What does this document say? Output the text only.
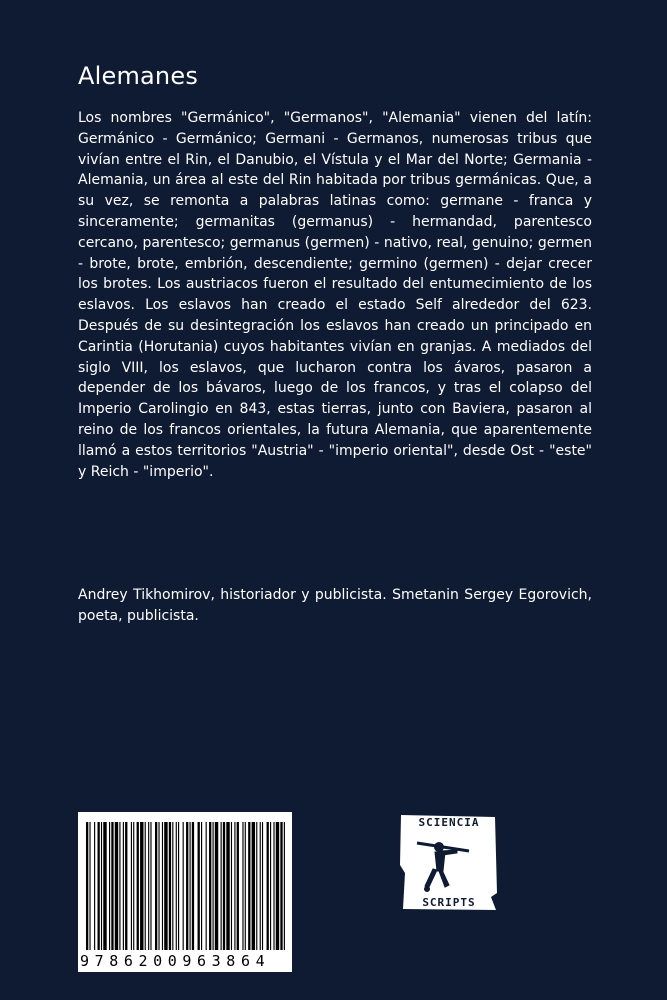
Alemanes

Los nombres "Germánico", "Germanos", "Alemania" vienen del latín: Germánico - Germánico; Germani - Germanos, numerosas tribus que vivían entre el Rin, el Danubio, el Vístula y el Mar del Norte; Germania - Alemania, un área al este del Rin habitada por tribus germánicas. Que, a su vez, se remonta a palabras latinas como: germane - franca y sinceramente; germanitas (germanus) - hermandad, parentesco cercano, parentesco; germanus (germen) - nativo, real, genuino; germen - brote, brote, embrión, descendiente; germino (germen) - dejar crecer los brotes. Los austriacos fueron el resultado del entumecimiento de los eslavos. Los eslavos han creado el estado Self alrededor del 623. Después de su desintegración los eslavos han creado un principado en Carintia (Horutania) cuyos habitantes vivían en granjas. A mediados del siglo VIII, los eslavos, que lucharon contra los ávaros, pasaron a depender de los bávaros, luego de los francos, y tras el colapso del Imperio Carolingio en 843, estas tierras, junto con Baviera, pasaron al reino de los francos orientales, la futura Alemania, que aparentemente llamó a estos territorios "Austria" - "imperio oriental", desde Ost - "este" y Reich - "imperio".

Andrey Tikhomirov, historiador y publicista. Smetanin Sergey Egorovich, poeta, publicista.

9786200963864
SCIENCIA
SCRIPTS
